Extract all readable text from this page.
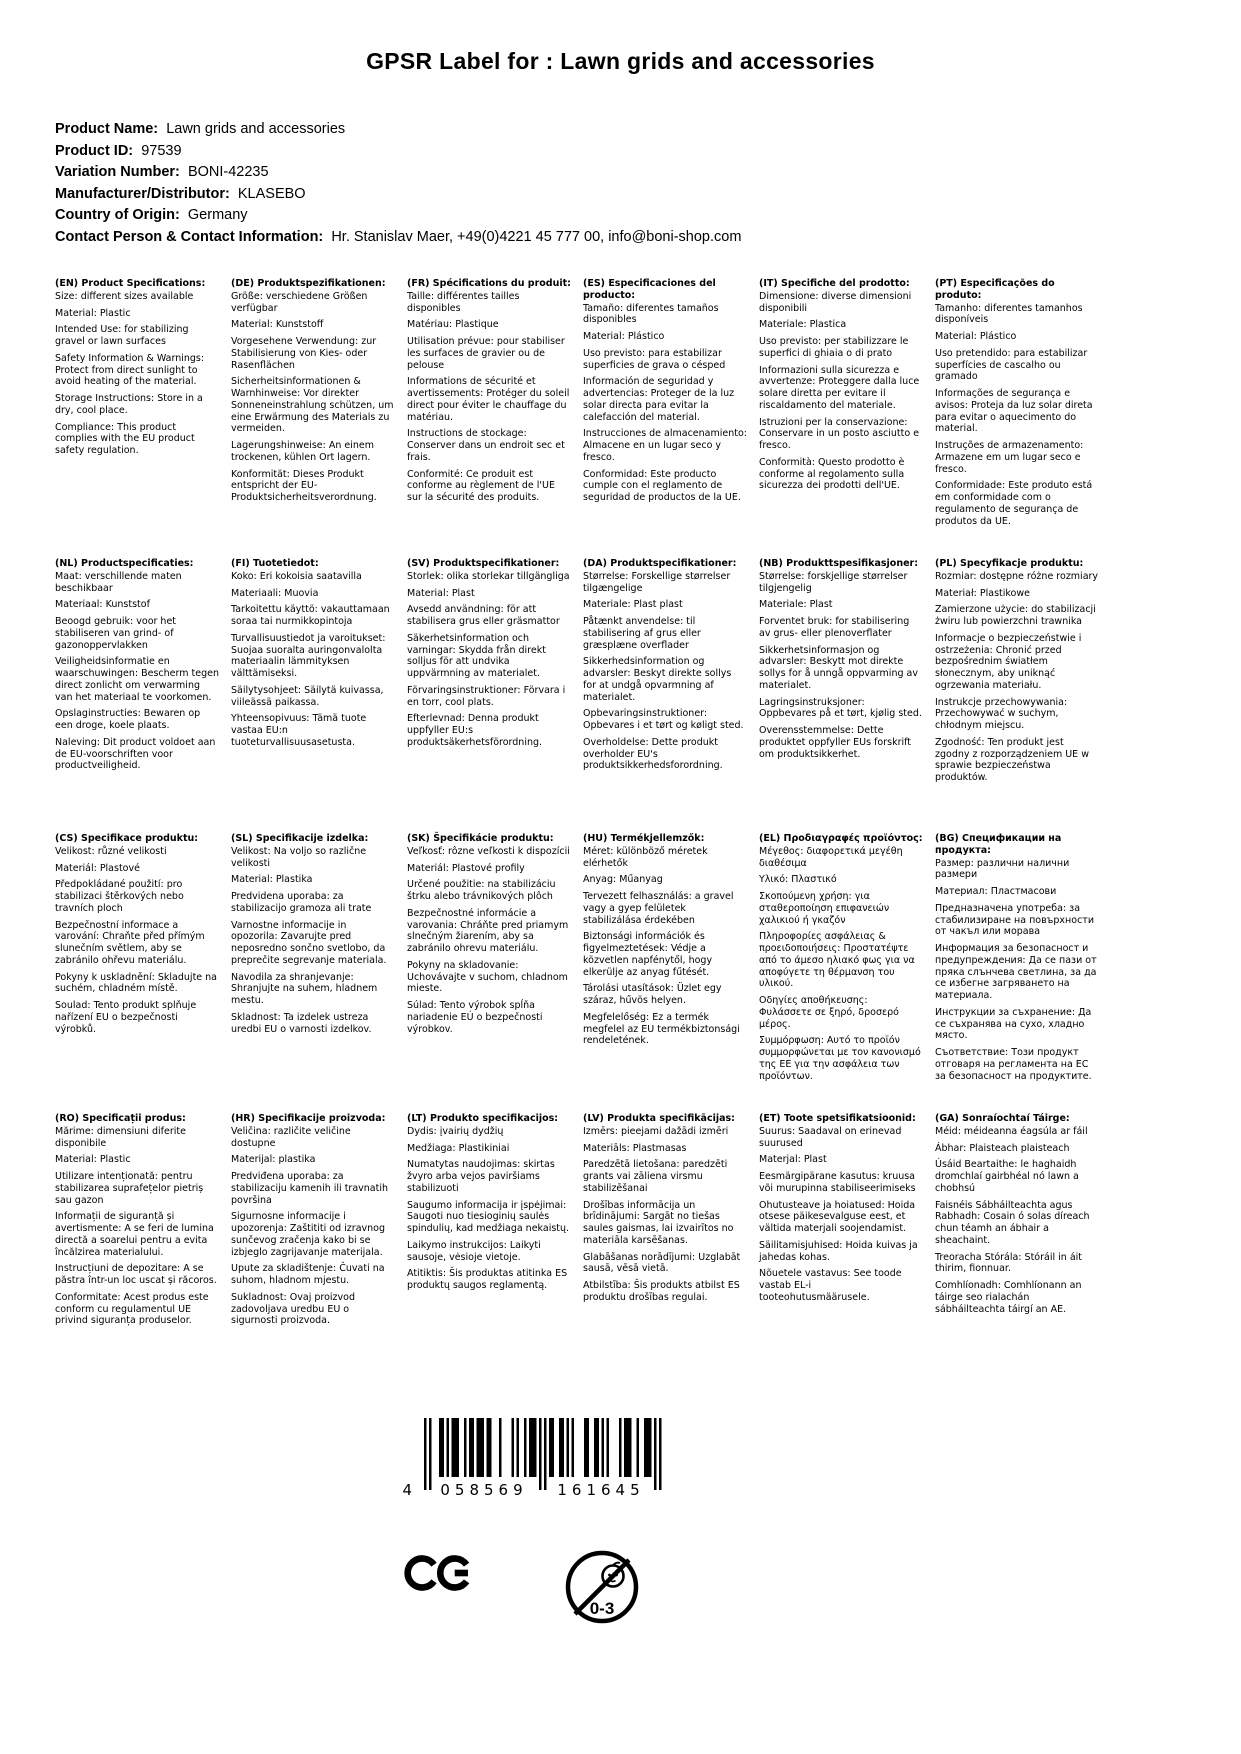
GPSR Label for : Lawn grids and accessories
Product Name: Lawn grids and accessories
Product ID: 97539
Variation Number: BONI-42235
Manufacturer/Distributor: KLASEBO
Country of Origin: Germany
Contact Person & Contact Information: Hr. Stanislav Maer, +49(0)4221 45 777 00, info@boni-shop.com
(EN) Product Specifications:

Size: different sizes available

Material: Plastic

Intended Use: for stabilizing gravel or lawn surfaces

Safety Information & Warnings: Protect from direct sunlight to avoid heating of the material.

Storage Instructions: Store in a dry, cool place.

Compliance: This product complies with the EU product safety regulation.

(DE) Produktspezifikationen:

Größe: verschiedene Größen verfügbar

Material: Kunststoff

Vorgesehene Verwendung: zur Stabilisierung von Kies- oder Rasenflächen

Sicherheitsinformationen & Warnhinweise: Vor direkter Sonneneinstrahlung schützen, um eine Erwärmung des Materials zu vermeiden.

Lagerungshinweise: An einem trockenen, kühlen Ort lagern.

Konformität: Dieses Produkt entspricht der EU-Produktsicherheitsverordnung.

(FR) Spécifications du produit:

Taille: différentes tailles disponibles

Matériau: Plastique

Utilisation prévue: pour stabiliser les surfaces de gravier ou de pelouse

Informations de sécurité et avertissements: Protéger du soleil direct pour éviter le chauffage du matériau.

Instructions de stockage: Conserver dans un endroit sec et frais.

Conformité: Ce produit est conforme au règlement de l'UE sur la sécurité des produits.

(ES) Especificaciones del producto:

Tamaño: diferentes tamaños disponibles

Material: Plástico

Uso previsto: para estabilizar superficies de grava o césped

Información de seguridad y advertencias: Proteger de la luz solar directa para evitar la calefacción del material.

Instrucciones de almacenamiento: Almacene en un lugar seco y fresco.

Conformidad: Este producto cumple con el reglamento de seguridad de productos de la UE.

(IT) Specifiche del prodotto:

Dimensione: diverse dimensioni disponibili

Materiale: Plastica

Uso previsto: per stabilizzare le superfici di ghiaia o di prato

Informazioni sulla sicurezza e avvertenze: Proteggere dalla luce solare diretta per evitare il riscaldamento del materiale.

Istruzioni per la conservazione: Conservare in un posto asciutto e fresco.

Conformità: Questo prodotto è conforme al regolamento sulla sicurezza dei prodotti dell'UE.

(PT) Especificações do produto:

Tamanho: diferentes tamanhos disponíveis

Material: Plástico

Uso pretendido: para estabilizar superfícies de cascalho ou gramado

Informações de segurança e avisos: Proteja da luz solar direta para evitar o aquecimento do material.

Instruções de armazenamento: Armazene em um lugar seco e fresco.

Conformidade: Este produto está em conformidade com o regulamento de segurança de produtos da UE.

(NL) Productspecificaties:

Maat: verschillende maten beschikbaar

Materiaal: Kunststof

Beoogd gebruik: voor het stabiliseren van grind- of gazonoppervlakken

Veiligheidsinformatie en waarschuwingen: Bescherm tegen direct zonlicht om verwarming van het materiaal te voorkomen.

Opslaginstructies: Bewaren op een droge, koele plaats.

Naleving: Dit product voldoet aan de EU-voorschriften voor productveiligheid.

(FI) Tuotetiedot:

Koko: Eri kokoisia saatavilla

Materiaali: Muovia

Tarkoitettu käyttö: vakauttamaan soraa tai nurmikkopintoja

Turvallisuustiedot ja varoitukset: Suojaa suoralta auringonvalolta materiaalin lämmityksen välttämiseksi.

Säilytysohjeet: Säilytä kuivassa, viileässä paikassa.

Yhteensopivuus: Tämä tuote vastaa EU:n tuoteturvallisuusasetusta.

(SV) Produktspecifikationer:

Storlek: olika storlekar tillgängliga

Material: Plast

Avsedd användning: för att stabilisera grus eller gräsmattor

Säkerhetsinformation och varningar: Skydda från direkt solljus för att undvika uppvärmning av materialet.

Förvaringsinstruktioner: Förvara i en torr, cool plats.

Efterlevnad: Denna produkt uppfyller EU:s produktsäkerhetsförordning.

(DA) Produktspecifikationer:

Størrelse: Forskellige størrelser tilgængelige

Materiale: Plast plast

Påtænkt anvendelse: til stabilisering af grus eller græsplæne overflader

Sikkerhedsinformation og advarsler: Beskyt direkte sollys for at undgå opvarmning af materialet.

Opbevaringsinstruktioner: Opbevares i et tørt og køligt sted.

Overholdelse: Dette produkt overholder EU's produktsikkerhedsforordning.

(NB) Produkttspesifikasjoner:

Størrelse: forskjellige størrelser tilgjengelig

Materiale: Plast

Forventet bruk: for stabilisering av grus- eller plenoverflater

Sikkerhetsinformasjon og advarsler: Beskytt mot direkte sollys for å unngå oppvarming av materialet.

Lagringsinstruksjoner: Oppbevares på et tørt, kjølig sted.

Overensstemmelse: Dette produktet oppfyller EUs forskrift om produktsikkerhet.

(PL) Specyfikacje produktu:

Rozmiar: dostępne różne rozmiary

Materiał: Plastikowe

Zamierzone użycie: do stabilizacji żwiru lub powierzchni trawnika

Informacje o bezpieczeństwie i ostrzeżenia: Chronić przed bezpośrednim światłem słonecznym, aby uniknąć ogrzewania materiału.

Instrukcje przechowywania: Przechowywać w suchym, chłodnym miejscu.

Zgodność: Ten produkt jest zgodny z rozporządzeniem UE w sprawie bezpieczeństwa produktów.

(CS) Specifikace produktu:

Velikost: různé velikosti

Materiál: Plastové

Předpokládané použití: pro stabilizaci štěrkových nebo travních ploch

Bezpečnostní informace a varování: Chraňte před přímým slunečním světlem, aby se zabránilo ohřevu materiálu.

Pokyny k uskladnění: Skladujte na suchém, chladném místě.

Soulad: Tento produkt splňuje nařízení EU o bezpečnosti výrobků.

(SL) Specifikacije izdelka:

Velikost: Na voljo so različne velikosti

Material: Plastika

Predvidena uporaba: za stabilizacijo gramoza ali trate

Varnostne informacije in opozorila: Zavarujte pred neposredno sončno svetlobo, da preprečite segrevanje materiala.

Navodila za shranjevanje: Shranjujte na suhem, hladnem mestu.

Skladnost: Ta izdelek ustreza uredbi EU o varnosti izdelkov.

(SK) Špecifikácie produktu:

Veľkosť: rôzne veľkosti k dispozícii

Materiál: Plastové profily

Určené použitie: na stabilizáciu štrku alebo trávnikových plôch

Bezpečnostné informácie a varovania: Chráňte pred priamym slnečným žiarením, aby sa zabránilo ohrevu materiálu.

Pokyny na skladovanie: Uchovávajte v suchom, chladnom mieste.

Súlad: Tento výrobok spĺňa nariadenie EÚ o bezpečnosti výrobkov.

(HU) Termékjellemzők:

Méret: különböző méretek elérhetők

Anyag: Műanyag

Tervezett felhasználás: a gravel vagy a gyep felületek stabilizálása érdekében

Biztonsági információk és figyelmeztetések: Védje a közvetlen napfénytől, hogy elkerülje az anyag fűtését.

Tárolási utasítások: Üzlet egy száraz, hűvös helyen.

Megfelelőség: Ez a termék megfelel az EU termékbiztonsági rendeletének.

(EL) Προδιαγραφές προϊόντος:

Μέγεθος: διαφορετικά μεγέθη διαθέσιμα

Υλικό: Πλαστικό

Σκοπούμενη χρήση: για σταθεροποίηση επιφανειών χαλικιού ή γκαζόν

Πληροφορίες ασφάλειας & προειδοποιήσεις: Προστατέψτε από το άμεσο ηλιακό φως για να αποφύγετε τη θέρμανση του υλικού.

Οδηγίες αποθήκευσης: Φυλάσσετε σε ξηρό, δροσερό μέρος.

Συμμόρφωση: Αυτό το προϊόν συμμορφώνεται με τον κανονισμό της ΕΕ για την ασφάλεια των προϊόντων.

(BG) Спецификации на продукта:

Размер: различни налични размери

Материал: Пластмасови

Предназначена употреба: за стабилизиране на повърхности от чакъл или морава

Информация за безопасност и предупреждения: Да се пази от пряка слънчева светлина, за да се избегне загряването на материала.

Инструкции за съхранение: Да се съхранява на сухо, хладно място.

Съответствие: Този продукт отговаря на регламента на ЕС за безопасност на продуктите.

(RO) Specificații produs:

Mărime: dimensiuni diferite disponibile

Material: Plastic

Utilizare intenționată: pentru stabilizarea suprafețelor pietriș sau gazon

Informații de siguranță și avertismente: A se feri de lumina directă a soarelui pentru a evita încălzirea materialului.

Instrucțiuni de depozitare: A se păstra într-un loc uscat și răcoros.

Conformitate: Acest produs este conform cu regulamentul UE privind siguranța produselor.

(HR) Specifikacije proizvoda:

Veličina: različite veličine dostupne

Materijal: plastika

Predviđena uporaba: za stabilizaciju kamenih ili travnatih površina

Sigurnosne informacije i upozorenja: Zaštititi od izravnog sunčevog zračenja kako bi se izbjeglo zagrijavanje materijala.

Upute za skladištenje: Čuvati na suhom, hladnom mjestu.

Sukladnost: Ovaj proizvod zadovoljava uredbu EU o sigurnosti proizvoda.

(LT) Produkto specifikacijos:

Dydis: įvairių dydžių

Medžiaga: Plastikiniai

Numatytas naudojimas: skirtas žvyro arba vejos paviršiams stabilizuoti

Saugumo informacija ir įspėjimai: Saugoti nuo tiesioginių saulės spindulių, kad medžiaga nekaistų.

Laikymo instrukcijos: Laikyti sausoje, vėsioje vietoje.

Atitiktis: Šis produktas atitinka ES produktų saugos reglamentą.

(LV) Produkta specifikācijas:

Izmērs: pieejami dažādi izmēri

Materiāls: Plastmasas

Paredzētā lietošana: paredzēti grants vai zāliena virsmu stabilizēšanai

Drošības informācija un brīdinājumi: Sargāt no tiešas saules gaismas, lai izvairītos no materiāla karsēšanas.

Glabāšanas norādījumi: Uzglabāt sausā, vēsā vietā.

Atbilstība: Šis produkts atbilst ES produktu drošības regulai.

(ET) Toote spetsifikatsioonid:

Suurus: Saadaval on erinevad suurused

Materjal: Plast

Eesmärgipärane kasutus: kruusa või murupinna stabiliseerimiseks

Ohutusteave ja hoiatused: Hoida otsese päikesevalguse eest, et vältida materjali soojendamist.

Säilitamisjuhised: Hoida kuivas ja jahedas kohas.

Nõuetele vastavus: See toode vastab EL-i tooteohutusmäärusele.

(GA) Sonraíochtaí Táirge:

Méid: méideanna éagsúla ar fáil

Ábhar: Plaisteach plaisteach

Úsáid Beartaithe: le haghaidh dromchlaí gairbhéal nó lawn a chobhsú

Faisnéis Sábháilteachta agus Rabhadh: Cosain ó solas díreach chun téamh an ábhair a sheachaint.

Treoracha Stórála: Stóráil in áit thirim, fionnuar.

Comhlíonadh: Comhlíonann an táirge seo rialachán sábháilteachta táirgí an AE.

4 058569 161645
0-3
